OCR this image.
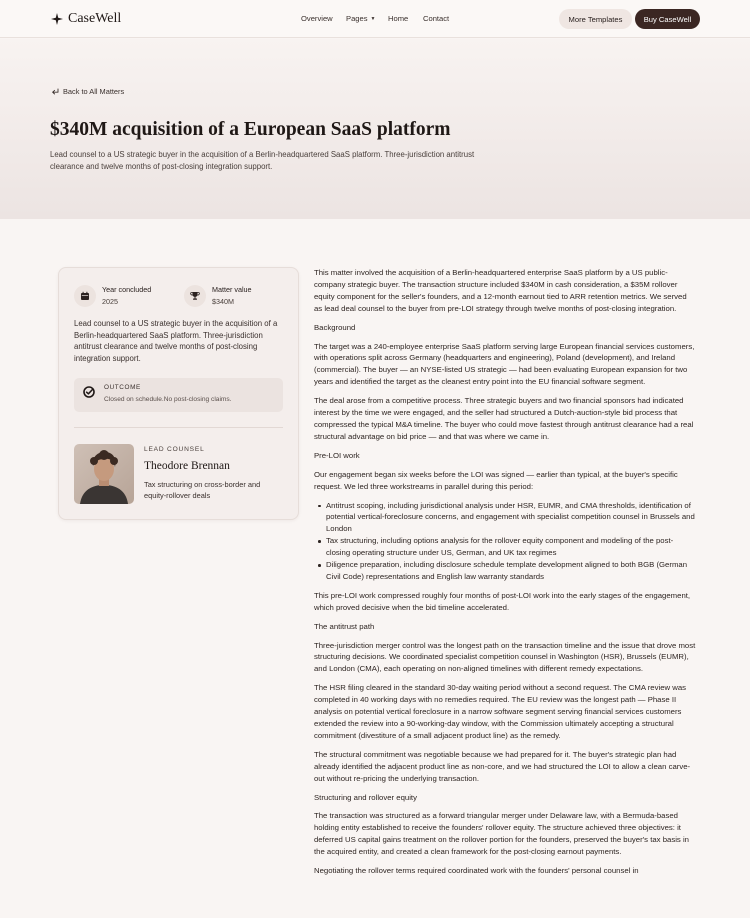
CaseWell	Overview	Pages ▼	Home	Contact	More Templates	Buy CaseWell
Back to All Matters
$340M acquisition of a European SaaS platform

Lead counsel to a US strategic buyer in the acquisition of a Berlin-headquartered SaaS platform. Three-jurisdiction antitrust clearance and twelve months of post-closing integration support.

Year concluded
2025
Matter value
$340M

Lead counsel to a US strategic buyer in the acquisition of a Berlin-headquartered SaaS platform. Three-jurisdiction antitrust clearance and twelve months of post-closing integration support.

OUTCOME
Closed on schedule.No post-closing claims.
LEAD COUNSEL
Theodore Brennan
Tax structuring on cross-border and equity-rollover deals

This matter involved the acquisition of a Berlin-headquartered enterprise SaaS platform by a US public-company strategic buyer. The transaction structure included $340M in cash consideration, a $35M rollover equity component for the seller's founders, and a 12-month earnout tied to ARR retention metrics. We served as lead deal counsel to the buyer from pre-LOI strategy through twelve months of post-closing integration.

Background

The target was a 240-employee enterprise SaaS platform serving large European financial services customers, with operations split across Germany (headquarters and engineering), Poland (development), and Ireland (commercial). The buyer — an NYSE-listed US strategic — had been evaluating European expansion for two years and identified the target as the cleanest entry point into the EU financial software segment.

The deal arose from a competitive process. Three strategic buyers and two financial sponsors had indicated interest by the time we were engaged, and the seller had structured a Dutch-auction-style bid process that compressed the typical M&A timeline. The buyer who could move fastest through antitrust clearance had a real structural advantage on bid price — and that was where we came in.

Pre-LOI work

Our engagement began six weeks before the LOI was signed — earlier than typical, at the buyer's specific request. We led three workstreams in parallel during this period:

Antitrust scoping, including jurisdictional analysis under HSR, EUMR, and CMA thresholds, identification of potential vertical-foreclosure concerns, and engagement with specialist competition counsel in Brussels and London
Tax structuring, including options analysis for the rollover equity component and modeling of the post-closing operating structure under US, German, and UK tax regimes
Diligence preparation, including disclosure schedule template development aligned to both BGB (German Civil Code) representations and English law warranty standards

This pre-LOI work compressed roughly four months of post-LOI work into the early stages of the engagement, which proved decisive when the bid timeline accelerated.

The antitrust path

Three-jurisdiction merger control was the longest path on the transaction timeline and the issue that drove most structuring decisions. We coordinated specialist competition counsel in Washington (HSR), Brussels (EUMR), and London (CMA), each operating on non-aligned timelines with different remedy expectations.

The HSR filing cleared in the standard 30-day waiting period without a second request. The CMA review was completed in 40 working days with no remedies required. The EU review was the longest path — Phase II analysis on potential vertical foreclosure in a narrow software segment serving financial services customers extended the review into a 90-working-day window, with the Commission ultimately accepting a structural commitment (divestiture of a small adjacent product line) as the remedy.

The structural commitment was negotiable because we had prepared for it. The buyer's strategic plan had already identified the adjacent product line as non-core, and we had structured the LOI to allow a clean carve-out without re-pricing the underlying transaction.

Structuring and rollover equity

The transaction was structured as a forward triangular merger under Delaware law, with a Bermuda-based holding entity established to receive the founders' rollover equity. The structure achieved three objectives: it deferred US capital gains treatment on the rollover portion for the founders, preserved the buyer's tax basis in the acquired entity, and created a clean framework for the post-closing earnout payments.

Negotiating the rollover terms required coordinated work with the founders' personal counsel in
